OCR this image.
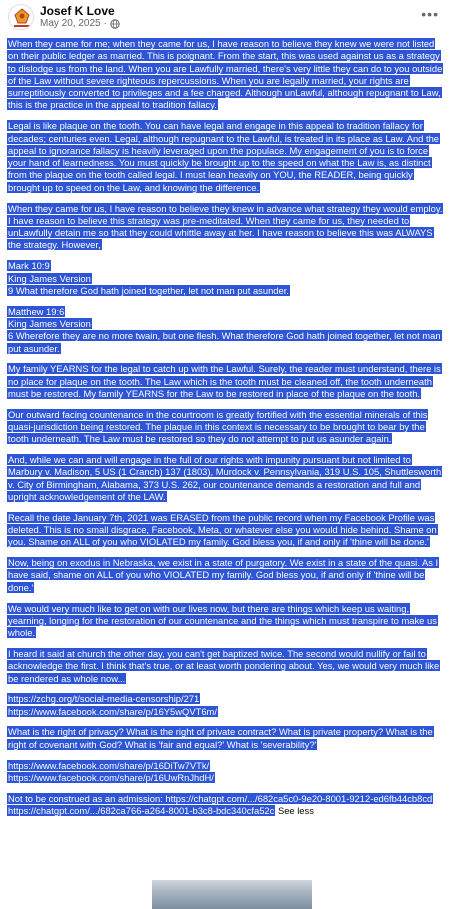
Josef K Love
May 20, 2025 ·
•••

When they came for me; when they came for us, I have reason to believe they knew we were not listed on their public ledger as married. This is poignant. From the start, this was used against us as a strategy to dislodge us from the land. When you are Lawfully married, there's very little they can do to you outside of the Law without severe righteous repercussions. When you are legally married, your rights are surreptitiously converted to privileges and a fee charged. Although unLawful, although repugnant to Law, this is the practice in the appeal to tradition fallacy.

Legal is like plaque on the tooth. You can have legal and engage in this appeal to tradition fallacy for decades; centuries even. Legal, although repugnant to the Lawful, is treated in its place as Law. And the appeal to ignorance fallacy is heavily leveraged upon the populace. My engagement of you is to force your hand of learnedness. You must quickly be brought up to the speed on what the Law is, as distinct from the plaque on the tooth called legal. I must lean heavily on YOU, the READER, being quickly brought up to speed on the Law, and knowing the difference.

When they came for us, I have reason to believe they knew in advance what strategy they would employ. I have reason to believe this strategy was pre-meditated. When they came for us, they needed to unLawfully detain me so that they could whittle away at her. I have reason to believe this was ALWAYS the strategy. However,

Mark 10:9
King James Version
9 What therefore God hath joined together, let not man put asunder.

Matthew 19:6
King James Version
6 Wherefore they are no more twain, but one flesh. What therefore God hath joined together, let not man put asunder.

My family YEARNS for the legal to catch up with the Lawful. Surely, the reader must understand, there is no place for plaque on the tooth. The Law which is the tooth must be cleaned off, the tooth underneath must be restored. My family YEARNS for the Law to be restored in place of the plaque on the tooth.

Our outward facing countenance in the courtroom is greatly fortified with the essential minerals of this quasi-jurisdiction being restored. The plaque in this context is necessary to be brought to bear by the tooth underneath. The Law must be restored so they do not attempt to put us asunder again.

And, while we can and will engage in the full of our rights with impunity pursuant but not limited to Marbury v. Madison, 5 US (1 Cranch) 137 (1803), Murdock v. Pennsylvania, 319 U.S. 105, Shuttlesworth v. City of Birmingham, Alabama, 373 U.S. 262, our countenance demands a restoration and full and upright acknowledgement of the LAW.

Recall the date January 7th, 2021 was ERASED from the public record when my Facebook Profile was deleted. This is no small disgrace, Facebook, Meta, or whatever else you would hide behind. Shame on you. Shame on ALL of you who VIOLATED my family. God bless you, if and only if 'thine will be done.'

Now, being on exodus in Nebraska, we exist in a state of purgatory. We exist in a state of the quasi. As I have said, shame on ALL of you who VIOLATED my family. God bless you, if and only if 'thine will be done.'

We would very much like to get on with our lives now, but there are things which keep us waiting, yearning, longing for the restoration of our countenance and the things which must transpire to make us whole.

I heard it said at church the other day, you can't get baptized twice. The second would nullify or fail to acknowledge the first. I think that's true, or at least worth pondering about. Yes, we would very much like be rendered as whole now...

https://zchg.org/t/social-media-censorship/271
https://www.facebook.com/share/p/16Y5wQVT6m/

What is the right of privacy? What is the right of private contract? What is private property? What is the right of covenant with God? What is 'fair and equal?' What is 'severability?'

https://www.facebook.com/share/p/16DiTw7VTk/
https://www.facebook.com/share/p/16UwRnJhdH/

Not to be construed as an admission: https://chatgpt.com/.../682ca5c0-9e20-8001-9212-ed6fb44cb8cd
https://chatgpt.com/.../682ca766-a264-8001-b3c8-bdc340cfa52c See less
